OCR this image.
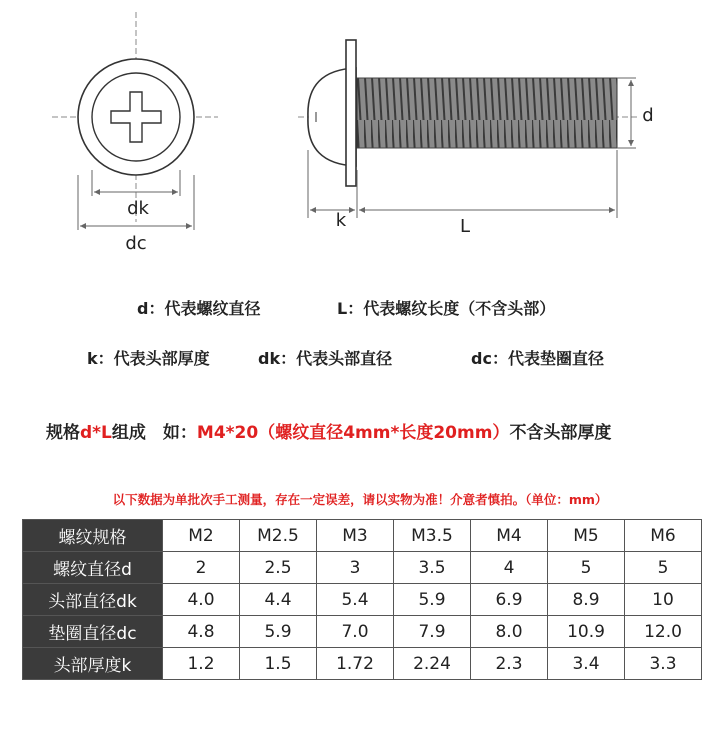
dk
dc
d
k	L
d：代表螺纹直径	L：代表螺纹长度（不含头部）
k：代表头部厚度	dk：代表头部直径	dc：代表垫圈直径
规格d*L组成　如：M4*20（螺纹直径4mm*长度20mm）不含头部厚度
以下数据为单批次手工测量，存在一定误差，请以实物为准！介意者慎拍。（单位：mm）
螺纹规格	M2	M2.5	M3	M3.5	M4	M5	M6
螺纹直径d	2	2.5	3	3.5	4	5	5
头部直径dk	4.0	4.4	5.4	5.9	6.9	8.9	10
垫圈直径dc	4.8	5.9	7.0	7.9	8.0	10.9	12.0
头部厚度k	1.2	1.5	1.72	2.24	2.3	3.4	3.3
